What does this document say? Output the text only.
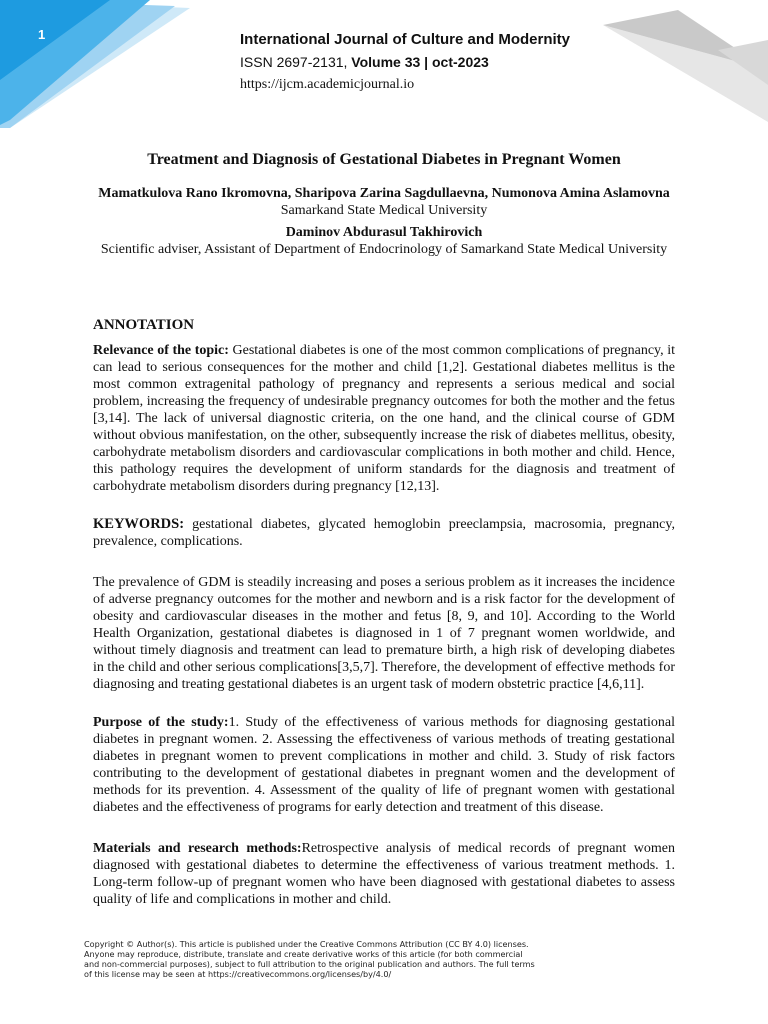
1	International Journal of Culture and Modernity
ISSN 2697-2131, Volume 33 | oct-2023
https://ijcm.academicjournal.io
Treatment and Diagnosis of Gestational Diabetes in Pregnant Women
Mamatkulova Rano Ikromovna, Sharipova Zarina Sagdullaevna, Numonova Amina Aslamovna
Samarkand State Medical University
Daminov Abdurasul Takhirovich
Scientific adviser, Assistant of Department of Endocrinology of Samarkand State Medical University
ANNOTATION
Relevance of the topic: Gestational diabetes is one of the most common complications of pregnancy, it can lead to serious consequences for the mother and child [1,2]. Gestational diabetes mellitus is the most common extragenital pathology of pregnancy and represents a serious medical and social problem, increasing the frequency of undesirable pregnancy outcomes for both the mother and the fetus [3,14]. The lack of universal diagnostic criteria, on the one hand, and the clinical course of GDM without obvious manifestation, on the other, subsequently increase the risk of diabetes mellitus, obesity, carbohydrate metabolism disorders and cardiovascular complications in both mother and child. Hence, this pathology requires the development of uniform standards for the diagnosis and treatment of carbohydrate metabolism disorders during pregnancy [12,13].
KEYWORDS: gestational diabetes, glycated hemoglobin preeclampsia, macrosomia, pregnancy, prevalence, complications.
The prevalence of GDM is steadily increasing and poses a serious problem as it increases the incidence of adverse pregnancy outcomes for the mother and newborn and is a risk factor for the development of obesity and cardiovascular diseases in the mother and fetus [8, 9, and 10]. According to the World Health Organization, gestational diabetes is diagnosed in 1 of 7 pregnant women worldwide, and without timely diagnosis and treatment can lead to premature birth, a high risk of developing diabetes in the child and other serious complications[3,5,7]. Therefore, the development of effective methods for diagnosing and treating gestational diabetes is an urgent task of modern obstetric practice [4,6,11].
Purpose of the study:1. Study of the effectiveness of various methods for diagnosing gestational diabetes in pregnant women. 2. Assessing the effectiveness of various methods of treating gestational diabetes in pregnant women to prevent complications in mother and child. 3. Study of risk factors contributing to the development of gestational diabetes in pregnant women and the development of methods for its prevention. 4. Assessment of the quality of life of pregnant women with gestational diabetes and the effectiveness of programs for early detection and treatment of this disease.
Materials and research methods:Retrospective analysis of medical records of pregnant women diagnosed with gestational diabetes to determine the effectiveness of various treatment methods. 1. Long-term follow-up of pregnant women who have been diagnosed with gestational diabetes to assess quality of life and complications in mother and child.
Copyright © Author(s). This article is published under the Creative Commons Attribution (CC BY 4.0) licenses.
Anyone may reproduce, distribute, translate and create derivative works of this article (for both commercial
and non-commercial purposes), subject to full attribution to the original publication and authors. The full terms
of this license may be seen at https://creativecommons.org/licenses/by/4.0/
